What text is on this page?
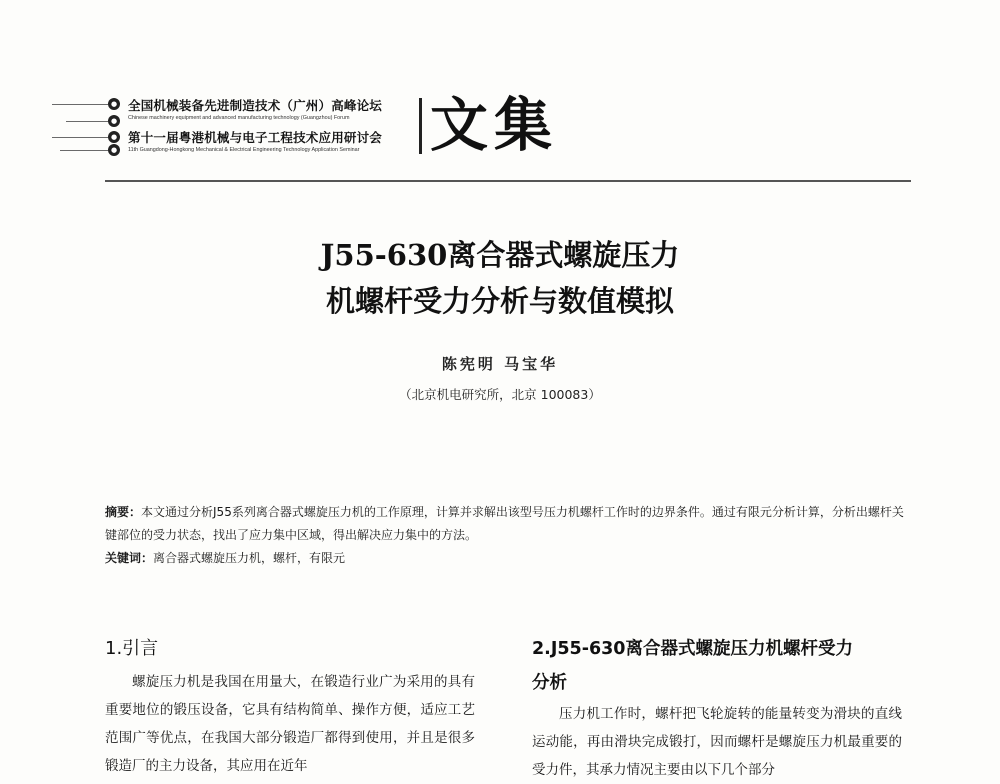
●
●
●
●
全国机械装备先进制造技术（广州）高峰论坛
Chinese machinery equipment and advanced manufacturing technology (Guangzhou) Forum
第十一届粤港机械与电子工程技术应用研讨会
11th Guangdong-Hongkong Mechanical & Electrical Engineering Technology Application Seminar 文集
J55-630离合器式螺旋压力
机螺杆受力分析与数值模拟
陈宪明 马宝华
（北京机电研究所，北京 100083）

摘要：本文通过分析J55系列离合器式螺旋压力机的工作原理，计算并求解出该型号压力机螺杆工作时的边界条件。通过有限元分析计算，分析出螺杆关键部位的受力状态，找出了应力集中区域，得出解决应力集中的方法。

关键词：离合器式螺旋压力机，螺杆，有限元

1.引言

螺旋压力机是我国在用量大，在锻造行业广为采用的具有重要地位的锻压设备，它具有结构简单、操作方便，适应工艺范围广等优点，在我国大部分锻造厂都得到使用，并且是很多锻造厂的主力设备，其应用在近年

2.J55-630离合器式螺旋压力机螺杆受力
分析

压力机工作时，螺杆把飞轮旋转的能量转变为滑块的直线运动能，再由滑块完成锻打，因而螺杆是螺旋压力机最重要的受力件，其承力情况主要由以下几个部分
